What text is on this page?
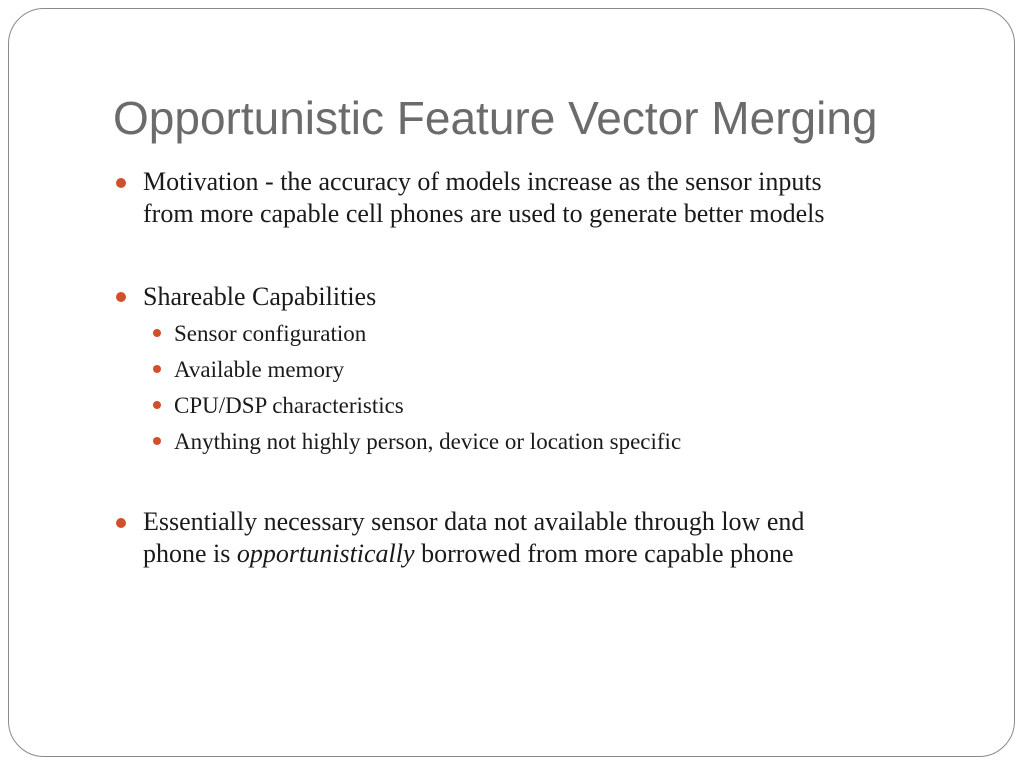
Opportunistic Feature Vector Merging
Motivation - the accuracy of models increase as the sensor inputs
from more capable cell phones are used to generate better models
Shareable Capabilities
Sensor configuration
Available memory
CPU/DSP characteristics
Anything not highly person, device or location specific
Essentially necessary sensor data not available through low end
phone is opportunistically borrowed from more capable phone
